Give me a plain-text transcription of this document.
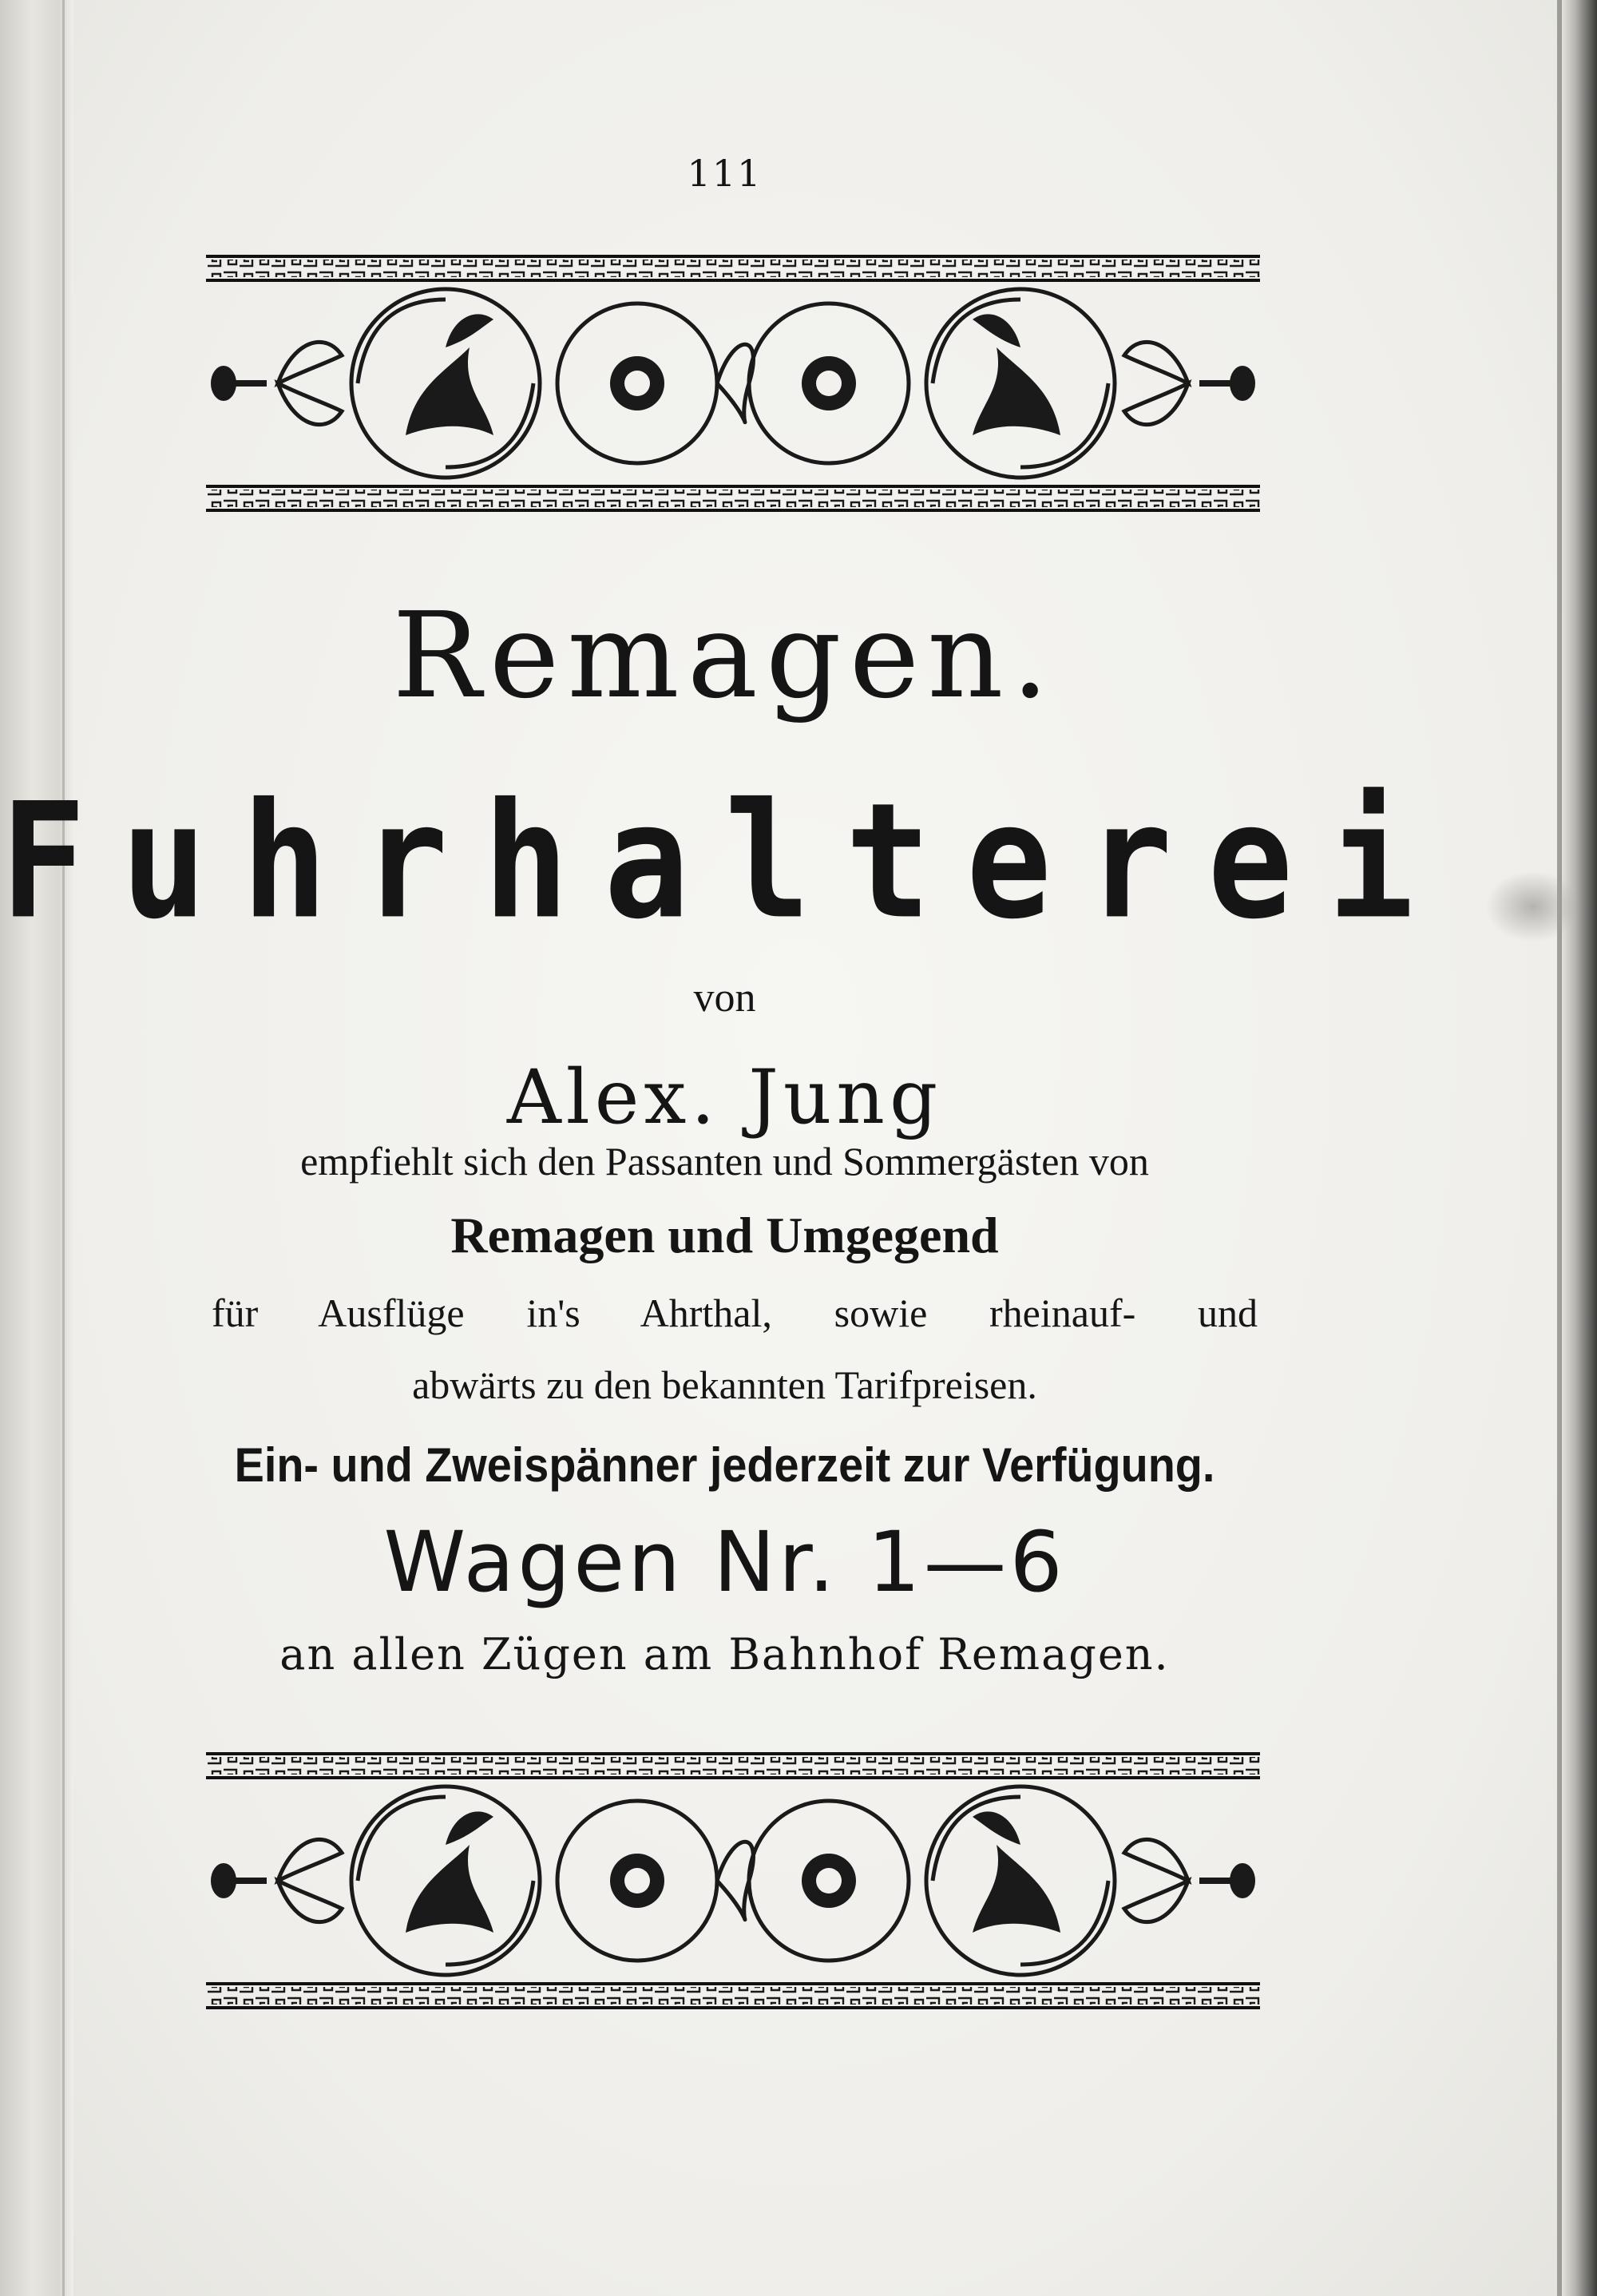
111
Remagen.
Fuhrhalterei
von
Alex. Jung
empfiehlt sich den Passanten und Sommergästen von
Remagen und Umgegend
für Ausflüge in's Ahrthal, sowie rheinauf- und
abwärts zu den bekannten Tarifpreisen.
Ein- und Zweispänner jederzeit zur Verfügung.
Wagen Nr. 1—6
an allen Zügen am Bahnhof Remagen.
